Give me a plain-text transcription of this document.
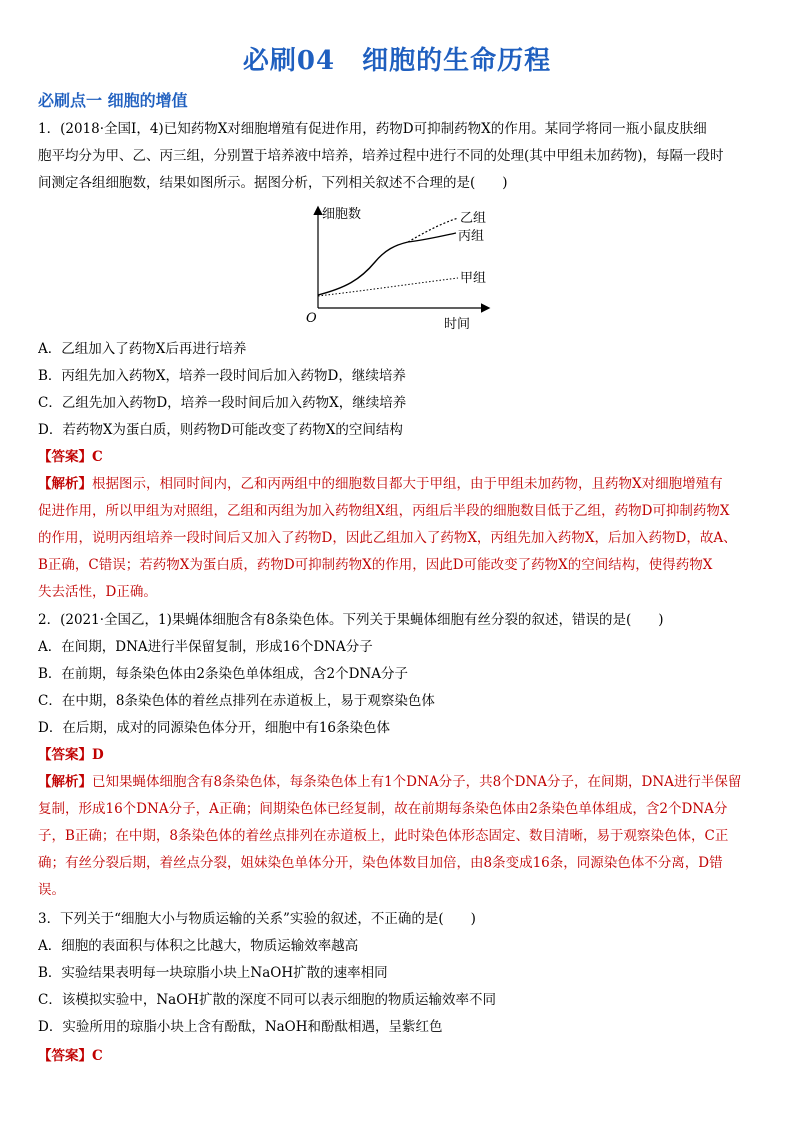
必刷04　细胞的生命历程
必刷点一 细胞的增值
1．(2018·全国Ⅰ，4)已知药物X对细胞增殖有促进作用，药物D可抑制药物X的作用。某同学将同一瓶小鼠皮肤细
胞平均分为甲、乙、丙三组，分别置于培养液中培养，培养过程中进行不同的处理(其中甲组未加药物)，每隔一段时
间测定各组细胞数，结果如图所示。据图分析，下列相关叙述不合理的是(　　)
细胞数
时间
O
乙组
丙组
甲组
A．乙组加入了药物X后再进行培养
B．丙组先加入药物X，培养一段时间后加入药物D，继续培养
C．乙组先加入药物D，培养一段时间后加入药物X，继续培养
D．若药物X为蛋白质，则药物D可能改变了药物X的空间结构
【答案】C
【解析】根据图示，相同时间内，乙和丙两组中的细胞数目都大于甲组，由于甲组未加药物，且药物X对细胞增殖有
促进作用，所以甲组为对照组，乙组和丙组为加入药物组X组，丙组后半段的细胞数目低于乙组，药物D可抑制药物X
的作用，说明丙组培养一段时间后又加入了药物D，因此乙组加入了药物X，丙组先加入药物X，后加入药物D，故A、
B正确，C错误；若药物X为蛋白质，药物D可抑制药物X的作用，因此D可能改变了药物X的空间结构，使得药物X
失去活性，D正确。
2．(2021·全国乙，1)果蝇体细胞含有8条染色体。下列关于果蝇体细胞有丝分裂的叙述，错误的是(　　)
A．在间期，DNA进行半保留复制，形成16个DNA分子
B．在前期，每条染色体由2条染色单体组成，含2个DNA分子
C．在中期，8条染色体的着丝点排列在赤道板上，易于观察染色体
D．在后期，成对的同源染色体分开，细胞中有16条染色体
【答案】D
【解析】已知果蝇体细胞含有8条染色体，每条染色体上有1个DNA分子，共8个DNA分子，在间期，DNA进行半保留
复制，形成16个DNA分子，A正确；间期染色体已经复制，故在前期每条染色体由2条染色单体组成，含2个DNA分
子，B正确；在中期，8条染色体的着丝点排列在赤道板上，此时染色体形态固定、数目清晰，易于观察染色体，C正
确；有丝分裂后期，着丝点分裂，姐妹染色单体分开，染色体数目加倍，由8条变成16条，同源染色体不分离，D错
误。
3．下列关于“细胞大小与物质运输的关系”实验的叙述，不正确的是(　　)
A．细胞的表面积与体积之比越大，物质运输效率越高
B．实验结果表明每一块琼脂小块上NaOH扩散的速率相同
C．该模拟实验中，NaOH扩散的深度不同可以表示细胞的物质运输效率不同
D．实验所用的琼脂小块上含有酚酞，NaOH和酚酞相遇，呈紫红色
【答案】C
